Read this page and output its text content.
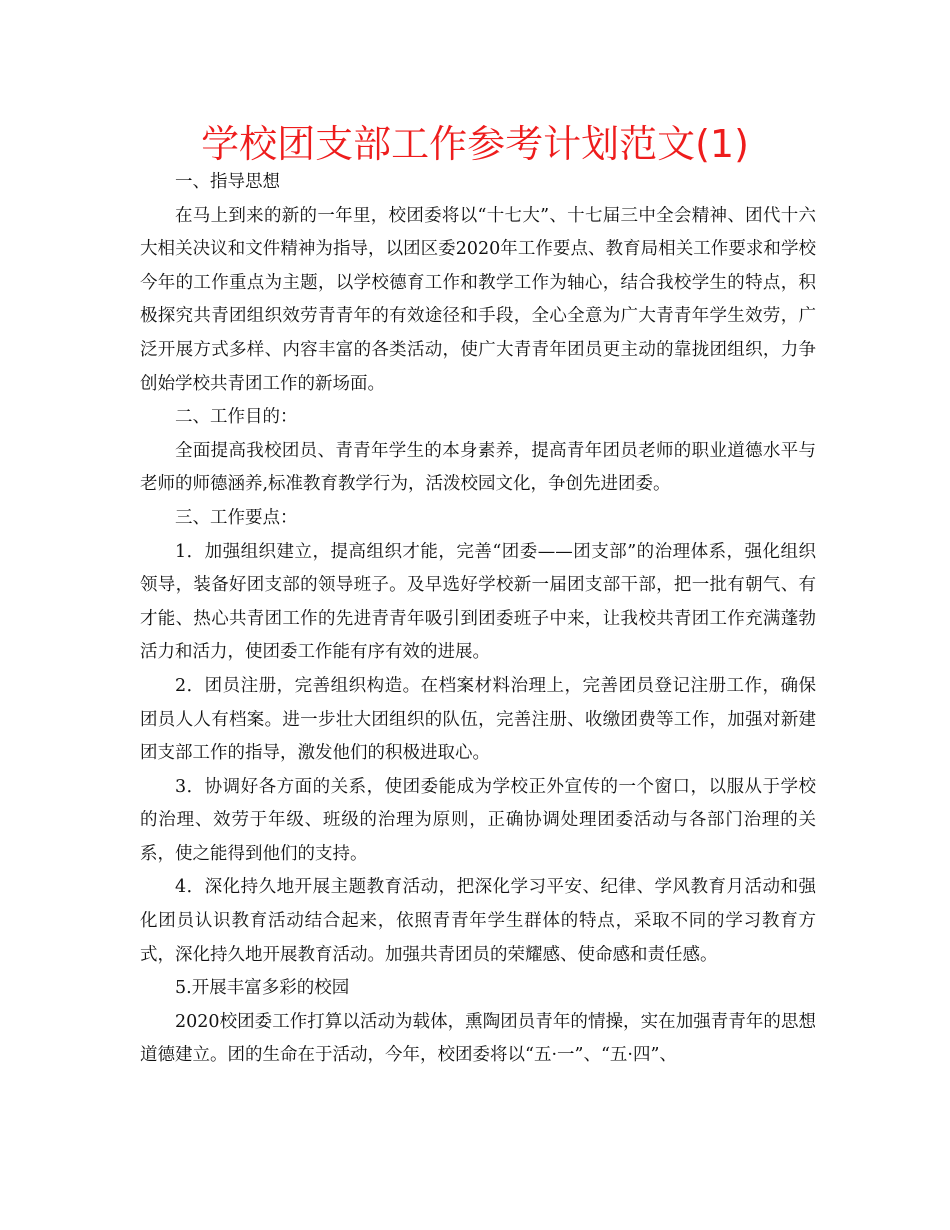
学校团支部工作参考计划范文(1)

一、指导思想

在马上到来的新的一年里，校团委将以“十七大”、十七届三中全会精神、团代十六大相关决议和文件精神为指导，以团区委2020年工作要点、教育局相关工作要求和学校今年的工作重点为主题，以学校德育工作和教学工作为轴心，结合我校学生的特点，积极探究共青团组织效劳青青年的有效途径和手段，全心全意为广大青青年学生效劳，广泛开展方式多样、内容丰富的各类活动，使广大青青年团员更主动的靠拢团组织，力争创始学校共青团工作的新场面。

二、工作目的：

全面提高我校团员、青青年学生的本身素养，提高青年团员老师的职业道德水平与老师的师德涵养,标准教育教学行为，活泼校园文化，争创先进团委。

三、工作要点：

1．加强组织建立，提高组织才能，完善“团委——团支部”的治理体系，强化组织领导，装备好团支部的领导班子。及早选好学校新一届团支部干部，把一批有朝气、有才能、热心共青团工作的先进青青年吸引到团委班子中来，让我校共青团工作充满蓬勃活力和活力，使团委工作能有序有效的进展。

2．团员注册，完善组织构造。在档案材料治理上，完善团员登记注册工作，确保团员人人有档案。进一步壮大团组织的队伍，完善注册、收缴团费等工作，加强对新建团支部工作的指导，激发他们的积极进取心。

3．协调好各方面的关系，使团委能成为学校正外宣传的一个窗口，以服从于学校的治理、效劳于年级、班级的治理为原则，正确协调处理团委活动与各部门治理的关系，使之能得到他们的支持。

4．深化持久地开展主题教育活动，把深化学习平安、纪律、学风教育月活动和强化团员认识教育活动结合起来，依照青青年学生群体的特点，采取不同的学习教育方式，深化持久地开展教育活动。加强共青团员的荣耀感、使命感和责任感。

5.开展丰富多彩的校园

2020校团委工作打算以活动为载体，熏陶团员青年的情操，实在加强青青年的思想道德建立。团的生命在于活动，今年，校团委将以“五·一”、“五·四”、
